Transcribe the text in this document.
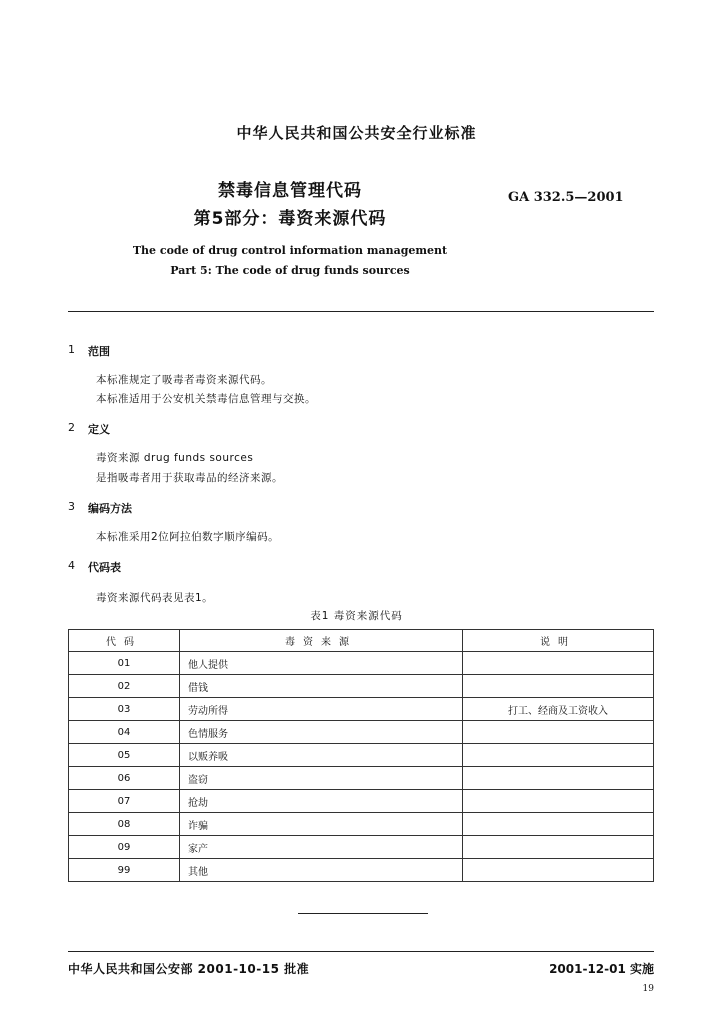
中华人民共和国公共安全行业标准
禁毒信息管理代码
第5部分：毒资来源代码
GA 332.5—2001
The code of drug control information management
Part 5: The code of drug funds sources
1 范围
本标准规定了吸毒者毒资来源代码。
本标准适用于公安机关禁毒信息管理与交换。
2 定义
毒资来源 drug funds sources
是指吸毒者用于获取毒品的经济来源。
3 编码方法
本标准采用2位阿拉伯数字顺序编码。
4 代码表
毒资来源代码表见表1。
表1 毒资来源代码
代码	毒资来源	说明
01	他人提供	
02	借钱	
03	劳动所得	打工、经商及工资收入
04	色情服务	
05	以贩养吸	
06	盗窃	
07	抢劫	
08	诈骗	
09	家产	
99	其他	
中华人民共和国公安部 2001-10-15 批准	2001-12-01 实施
19
